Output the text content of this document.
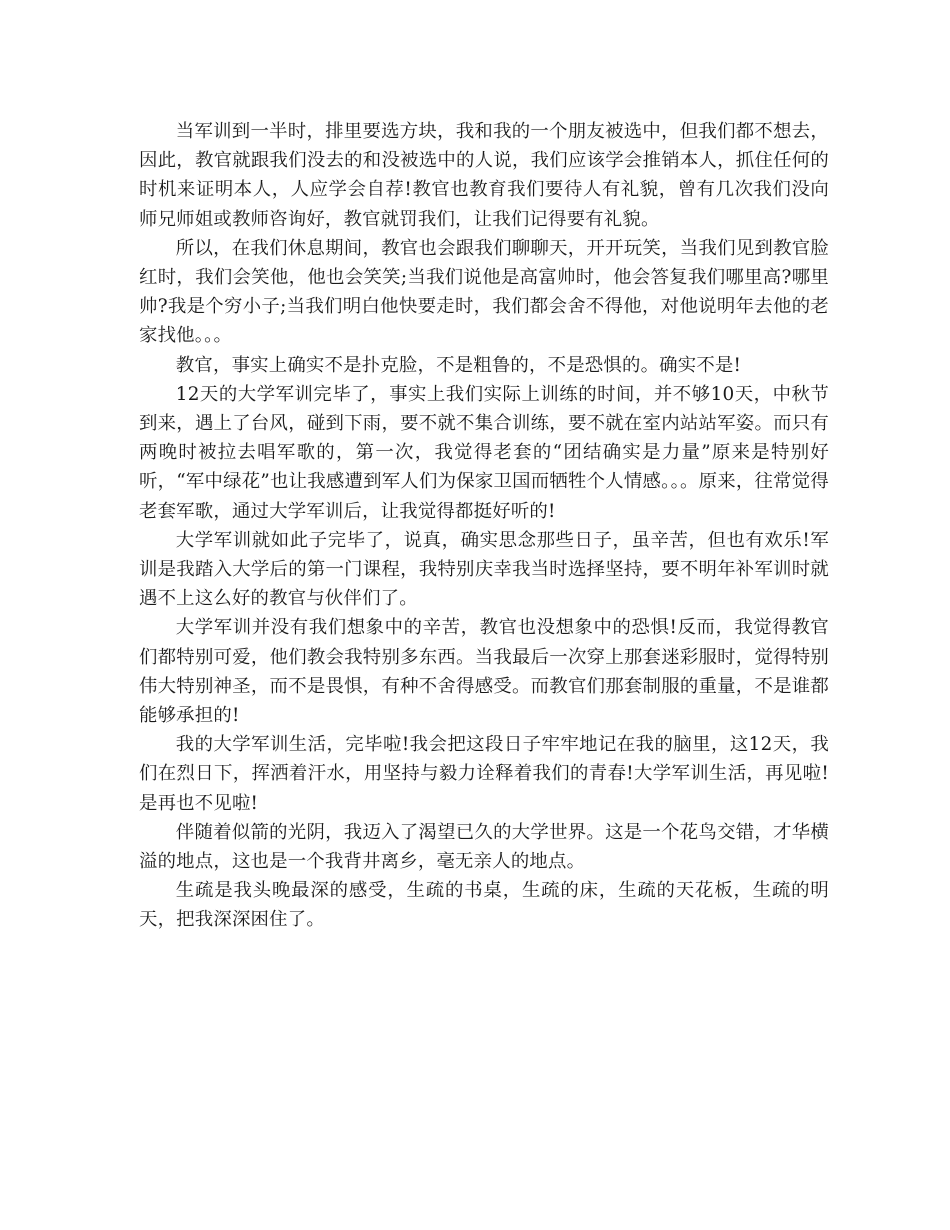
当军训到一半时，排里要选方块，我和我的一个朋友被选中，但我们都不想去，因此，教官就跟我们没去的和没被选中的人说，我们应该学会推销本人，抓住任何的时机来证明本人，人应学会自荐!教官也教育我们要待人有礼貌，曾有几次我们没向师兄师姐或教师咨询好，教官就罚我们，让我们记得要有礼貌。

所以，在我们休息期间，教官也会跟我们聊聊天，开开玩笑，当我们见到教官脸红时，我们会笑他，他也会笑笑;当我们说他是高富帅时，他会答复我们哪里高?哪里帅?我是个穷小子;当我们明白他快要走时，我们都会舍不得他，对他说明年去他的老家找他。。。

教官，事实上确实不是扑克脸，不是粗鲁的，不是恐惧的。确实不是!

12天的大学军训完毕了，事实上我们实际上训练的时间，并不够10天，中秋节到来，遇上了台风，碰到下雨，要不就不集合训练，要不就在室内站站军姿。而只有两晚时被拉去唱军歌的，第一次，我觉得老套的“团结确实是力量”原来是特别好听，“军中绿花”也让我感遭到军人们为保家卫国而牺牲个人情感。。。原来，往常觉得老套军歌，通过大学军训后，让我觉得都挺好听的!

大学军训就如此子完毕了，说真，确实思念那些日子，虽辛苦，但也有欢乐!军训是我踏入大学后的第一门课程，我特别庆幸我当时选择坚持，要不明年补军训时就遇不上这么好的教官与伙伴们了。

大学军训并没有我们想象中的辛苦，教官也没想象中的恐惧!反而，我觉得教官们都特别可爱，他们教会我特别多东西。当我最后一次穿上那套迷彩服时，觉得特别伟大特别神圣，而不是畏惧，有种不舍得感受。而教官们那套制服的重量，不是谁都能够承担的!

我的大学军训生活，完毕啦!我会把这段日子牢牢地记在我的脑里，这12天，我们在烈日下，挥洒着汗水，用坚持与毅力诠释着我们的青春!大学军训生活，再见啦!是再也不见啦!

伴随着似箭的光阴，我迈入了渴望已久的大学世界。这是一个花鸟交错，才华横溢的地点，这也是一个我背井离乡，毫无亲人的地点。

生疏是我头晚最深的感受，生疏的书桌，生疏的床，生疏的天花板，生疏的明天，把我深深困住了。
